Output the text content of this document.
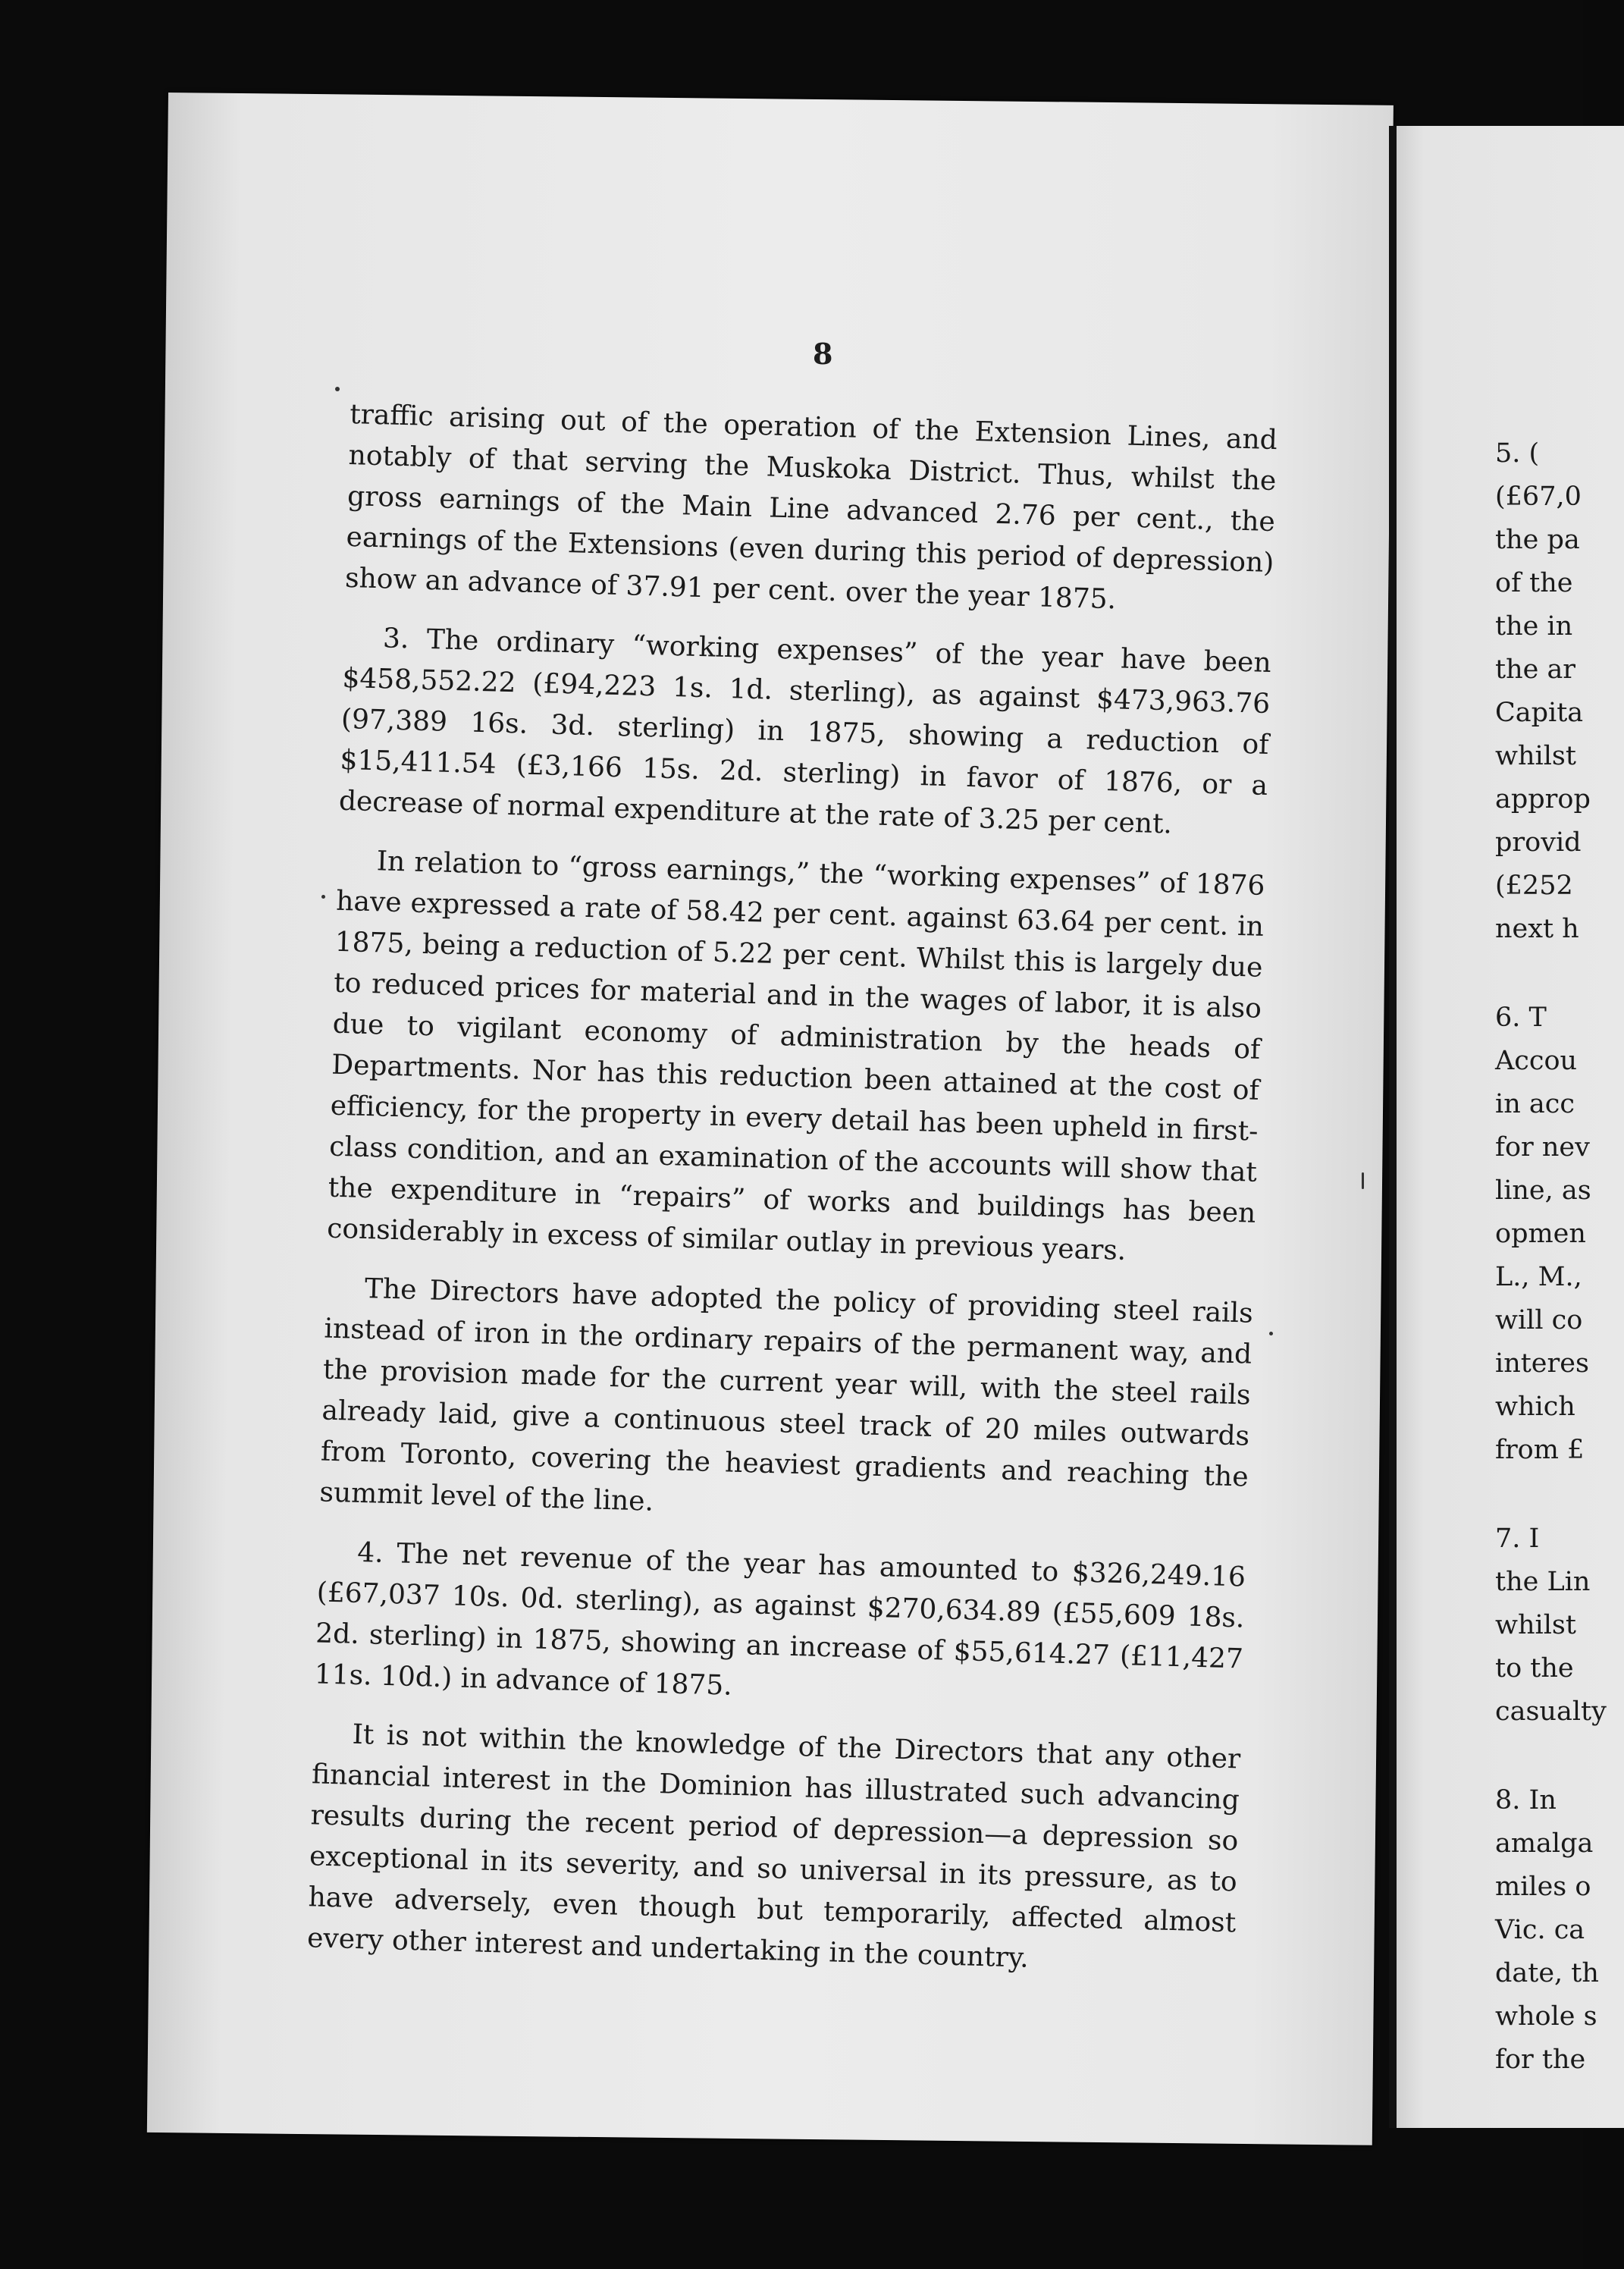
8

traffic arising out of the operation of the Extension Lines, and notably of that serving the Muskoka District. Thus, whilst the gross earnings of the Main Line advanced 2.76 per cent., the earnings of the Extensions (even during this period of depression) show an advance of 37.91 per cent. over the year 1875.

3. The ordinary “working expenses” of the year have been $458,552.22 (£94,223 1s. 1d. sterling), as against $473,963.76 (97,389 16s. 3d. sterling) in 1875, showing a reduction of $15,411.54 (£3,166 15s. 2d. sterling) in favor of 1876, or a decrease of normal expenditure at the rate of 3.25 per cent.

In relation to “gross earnings,” the “working expenses” of 1876 have expressed a rate of 58.42 per cent. against 63.64 per cent. in 1875, being a reduction of 5.22 per cent. Whilst this is largely due to reduced prices for material and in the wages of labor, it is also due to vigilant economy of administration by the heads of Departments. Nor has this reduction been attained at the cost of efficiency, for the property in every detail has been upheld in first-class condition, and an examination of the accounts will show that the expenditure in “repairs” of works and buildings has been considerably in excess of similar outlay in previous years.

The Directors have adopted the policy of providing steel rails instead of iron in the ordinary repairs of the permanent way, and the provision made for the current year will, with the steel rails already laid, give a continuous steel track of 20 miles outwards from Toronto, covering the heaviest gradients and reaching the summit level of the line.

4. The net revenue of the year has amounted to $326,249.16 (£67,037 10s. 0d. sterling), as against $270,634.89 (£55,609 18s. 2d. sterling) in 1875, showing an increase of $55,614.27 (£11,427 11s. 10d.) in advance of 1875.

It is not within the knowledge of the Directors that any other financial interest in the Dominion has illustrated such advancing results during the recent period of depression—a depression so exceptional in its severity, and so universal in its pressure, as to have adversely, even though but temporarily, affected almost every other interest and undertaking in the country.

5. (
(£67,0
the pa
of the
the in
the ar
Capita
whilst
approp
provid
(£252
next h
6. T
Accou
in acc
for nev
line, as
opmen
L., M.,
will co
interes
which
from £
7. I
the Lin
whilst
to the
casualty
8. In
amalga
miles o
Vic. ca
date, th
whole s
for the
